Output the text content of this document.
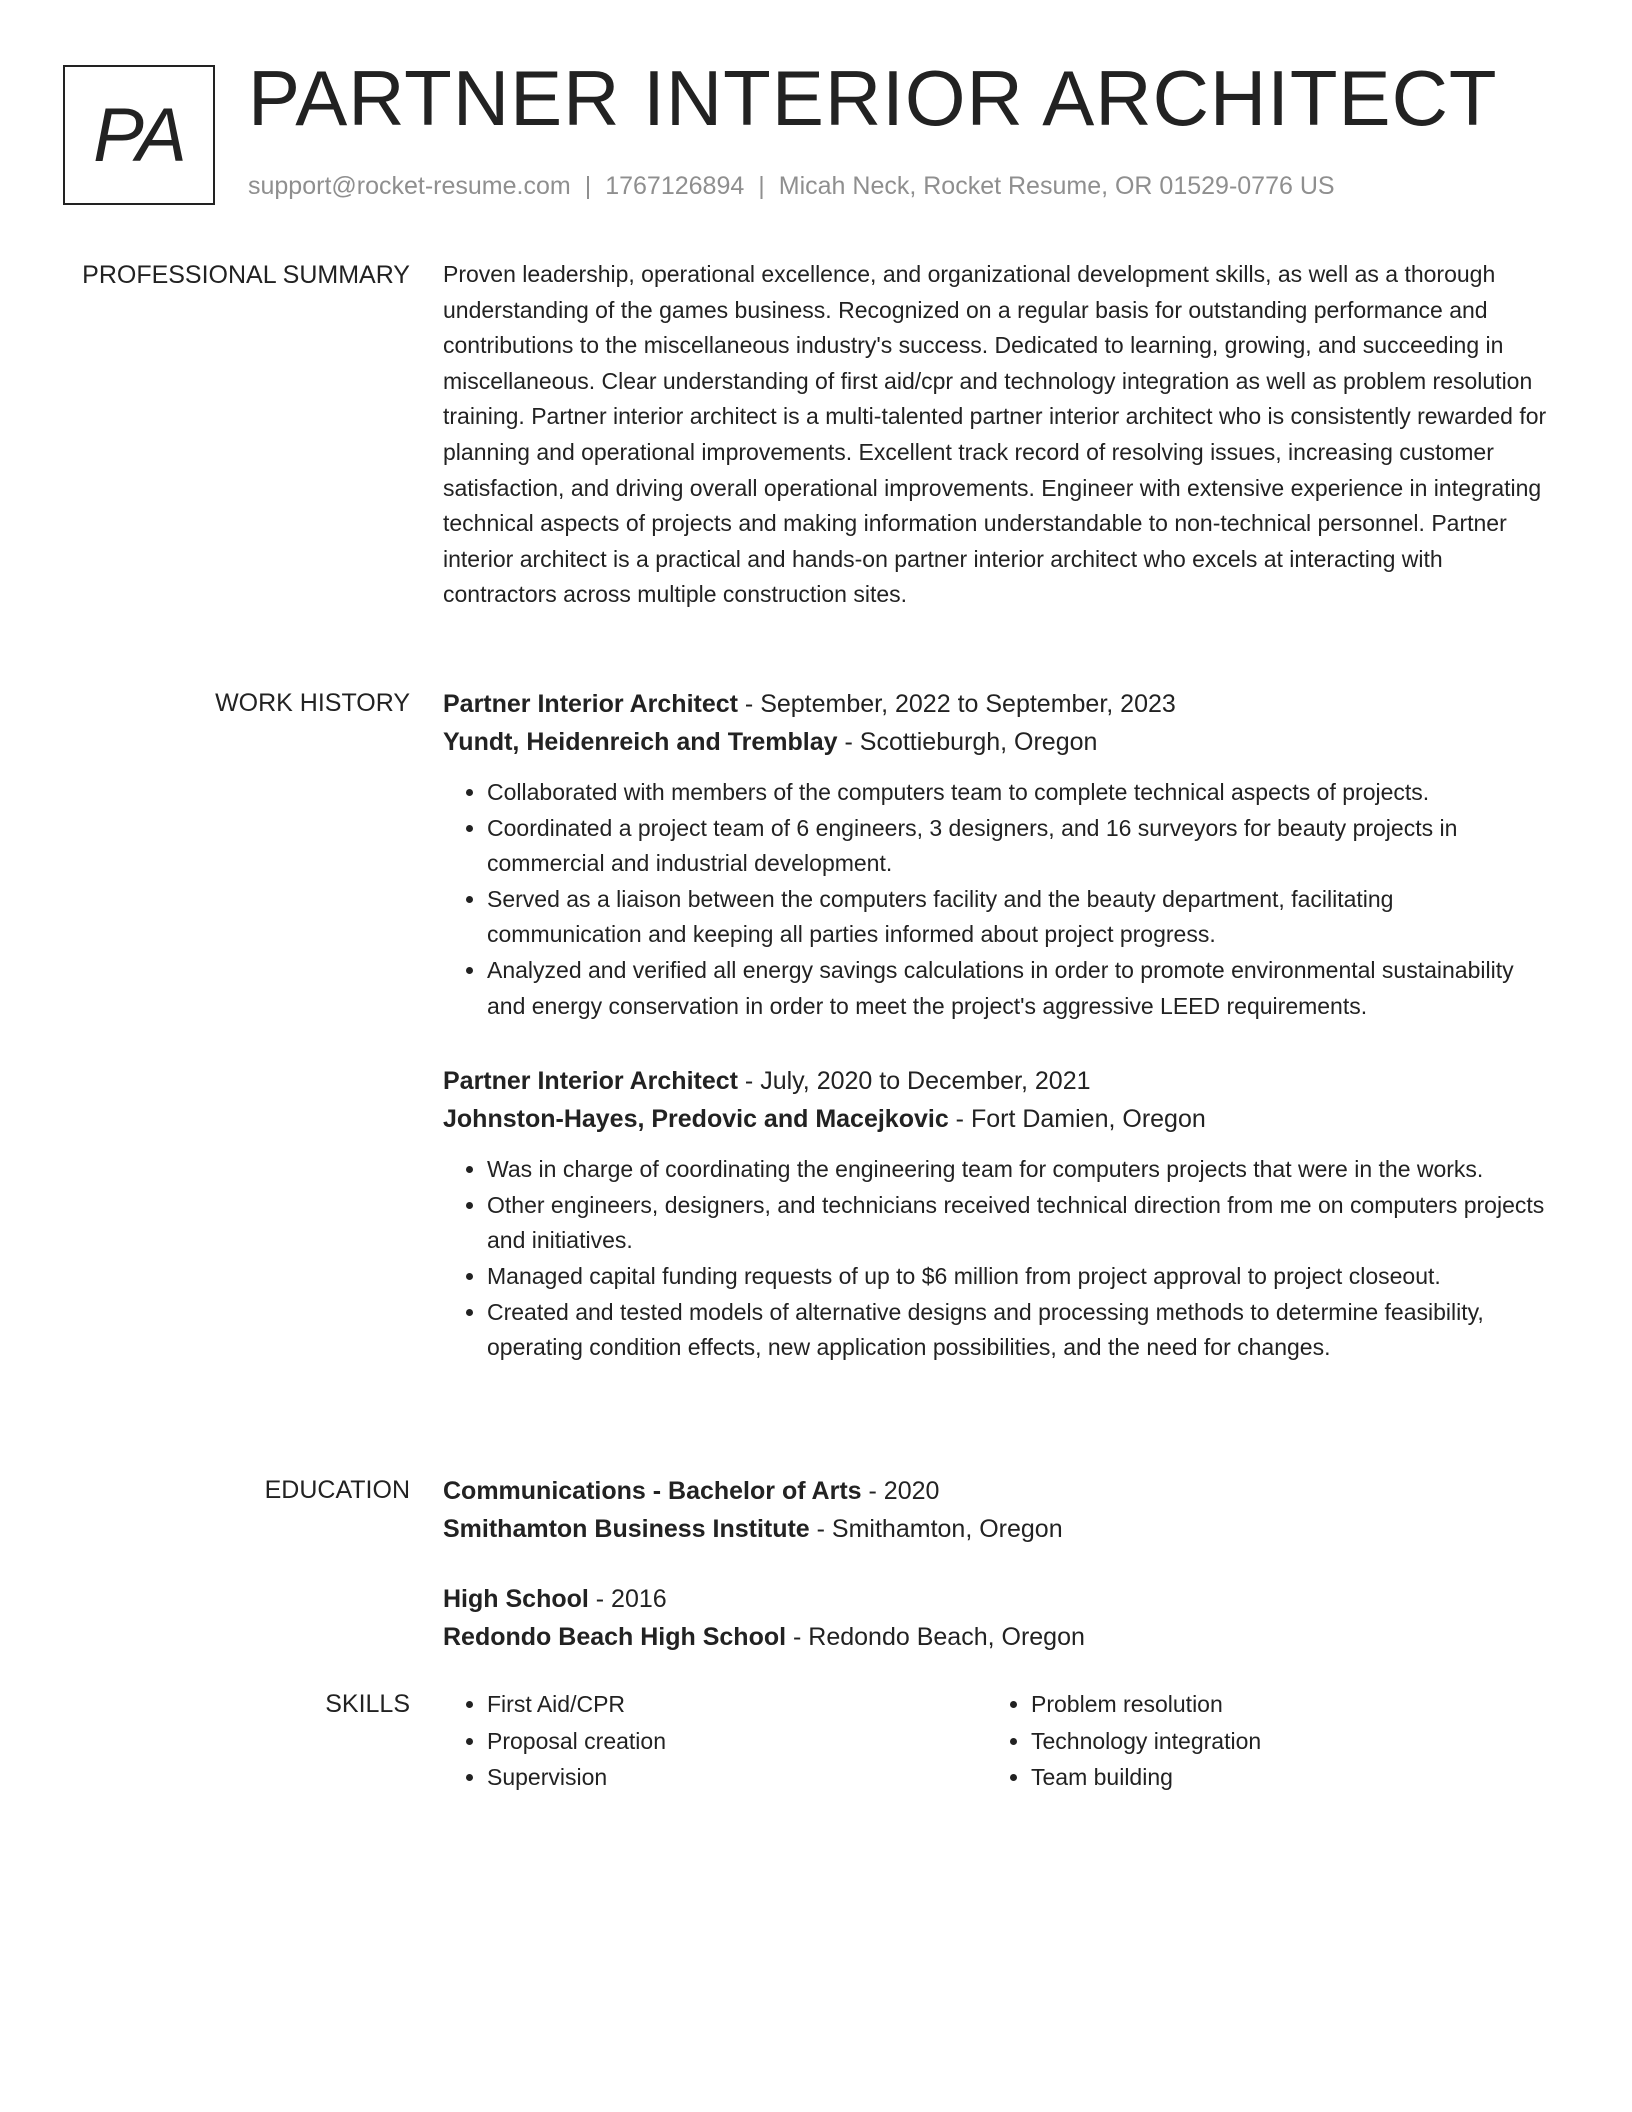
PA PARTNER INTERIOR ARCHITECT
support@rocket-resume.com | 1767126894 | Micah Neck, Rocket Resume, OR 01529-0776 US
PROFESSIONAL SUMMARY Proven leadership, operational excellence, and organizational development skills, as well as a thorough understanding of the games business. Recognized on a regular basis for outstanding performance and contributions to the miscellaneous industry's success. Dedicated to learning, growing, and succeeding in miscellaneous. Clear understanding of first aid/cpr and technology integration as well as problem resolution training. Partner interior architect is a multi-talented partner interior architect who is consistently rewarded for planning and operational improvements. Excellent track record of resolving issues, increasing customer satisfaction, and driving overall operational improvements. Engineer with extensive experience in integrating technical aspects of projects and making information understandable to non-technical personnel. Partner interior architect is a practical and hands-on partner interior architect who excels at interacting with contractors across multiple construction sites.

WORK HISTORY Partner Interior Architect - September, 2022 to September, 2023

Yundt, Heidenreich and Tremblay - Scottieburgh, Oregon

• Collaborated with members of the computers team to complete technical aspects of projects.
• Coordinated a project team of 6 engineers, 3 designers, and 16 surveyors for beauty projects in commercial and industrial development.
• Served as a liaison between the computers facility and the beauty department, facilitating communication and keeping all parties informed about project progress.
• Analyzed and verified all energy savings calculations in order to promote environmental sustainability and energy conservation in order to meet the project's aggressive LEED requirements.

Partner Interior Architect - July, 2020 to December, 2021

Johnston-Hayes, Predovic and Macejkovic - Fort Damien, Oregon

• Was in charge of coordinating the engineering team for computers projects that were in the works.
• Other engineers, designers, and technicians received technical direction from me on computers projects and initiatives.
• Managed capital funding requests of up to $6 million from project approval to project closeout.
• Created and tested models of alternative designs and processing methods to determine feasibility, operating condition effects, new application possibilities, and the need for changes.
EDUCATION Communications - Bachelor of Arts - 2020

Smithamton Business Institute - Smithamton, Oregon

High School - 2016

Redondo Beach High School - Redondo Beach, Oregon

SKILLS
•	First Aid/CPR
• Proposal creation
• Supervision
• Problem resolution
• Technology integration
• Team building
